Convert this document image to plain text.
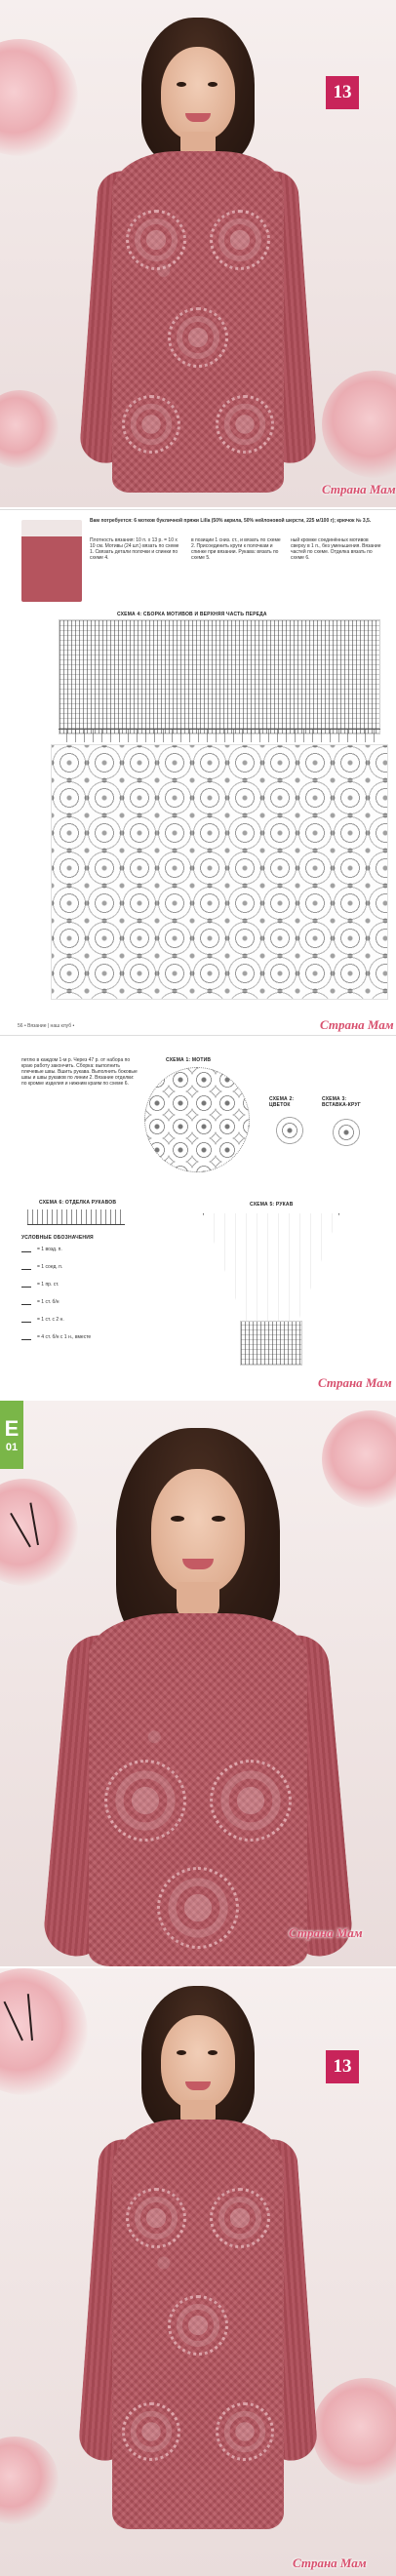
13
Страна Мам
Вам потребуется: 6 мотков букличной пряжи Lilla (50% акрила, 50% нейлоновой шерсти, 225 м/100 г); крючок № 3,5.
Плотность вязания: 10 п. х 13 р. = 10 х 10 см. Мотивы (24 шт.) вязать по схеме 1. Связать детали полочки и спинки по схеме 4.
в позиции 1 сниз. ст., и вязать по схеме 2. Присоединить круги к полочкам и спинке при вязании. Рукава: вязать по схеме 5.
ный кромке соединённых мотивов сверху в 1 п., без уменьшения. Вязание частей по схеме. Отделка вязать по схеме 6.
СХЕМА 4: СБОРКА МОТИВОВ И ВЕРХНЯЯ ЧАСТЬ ПЕРЕДА
56 • Вязание | наш клуб •	Страна Мам
петлю в каждом 1-м р. Через 47 р. от набора по краю работу закончить. Сборка: выполнить плечевые швы. Вшить рукава. Выполнить боковые швы и швы рукавов по линии 2. Вязание отделки: по кромке изделия и нижним краям по схеме 6.
СХЕМА 1: МОТИВ
СХЕМА 2: ЦВЕТОК
СХЕМА 3: ВСТАВКА-КРУГ
СХЕМА 6: ОТДЕЛКА РУКАВОВ
УСЛОВНЫЕ ОБОЗНАЧЕНИЯ
= 1 возд. п.
= 1 соед. п.
= 1 пр. ст.
= 1 ст. б/н
= 1 ст. с 2 н.
= 4 ст. б/н с 1 н., вместе
СХЕМА 5: РУКАВ
Страна Мам
E
01
Страна Мам
13
Страна Мам
